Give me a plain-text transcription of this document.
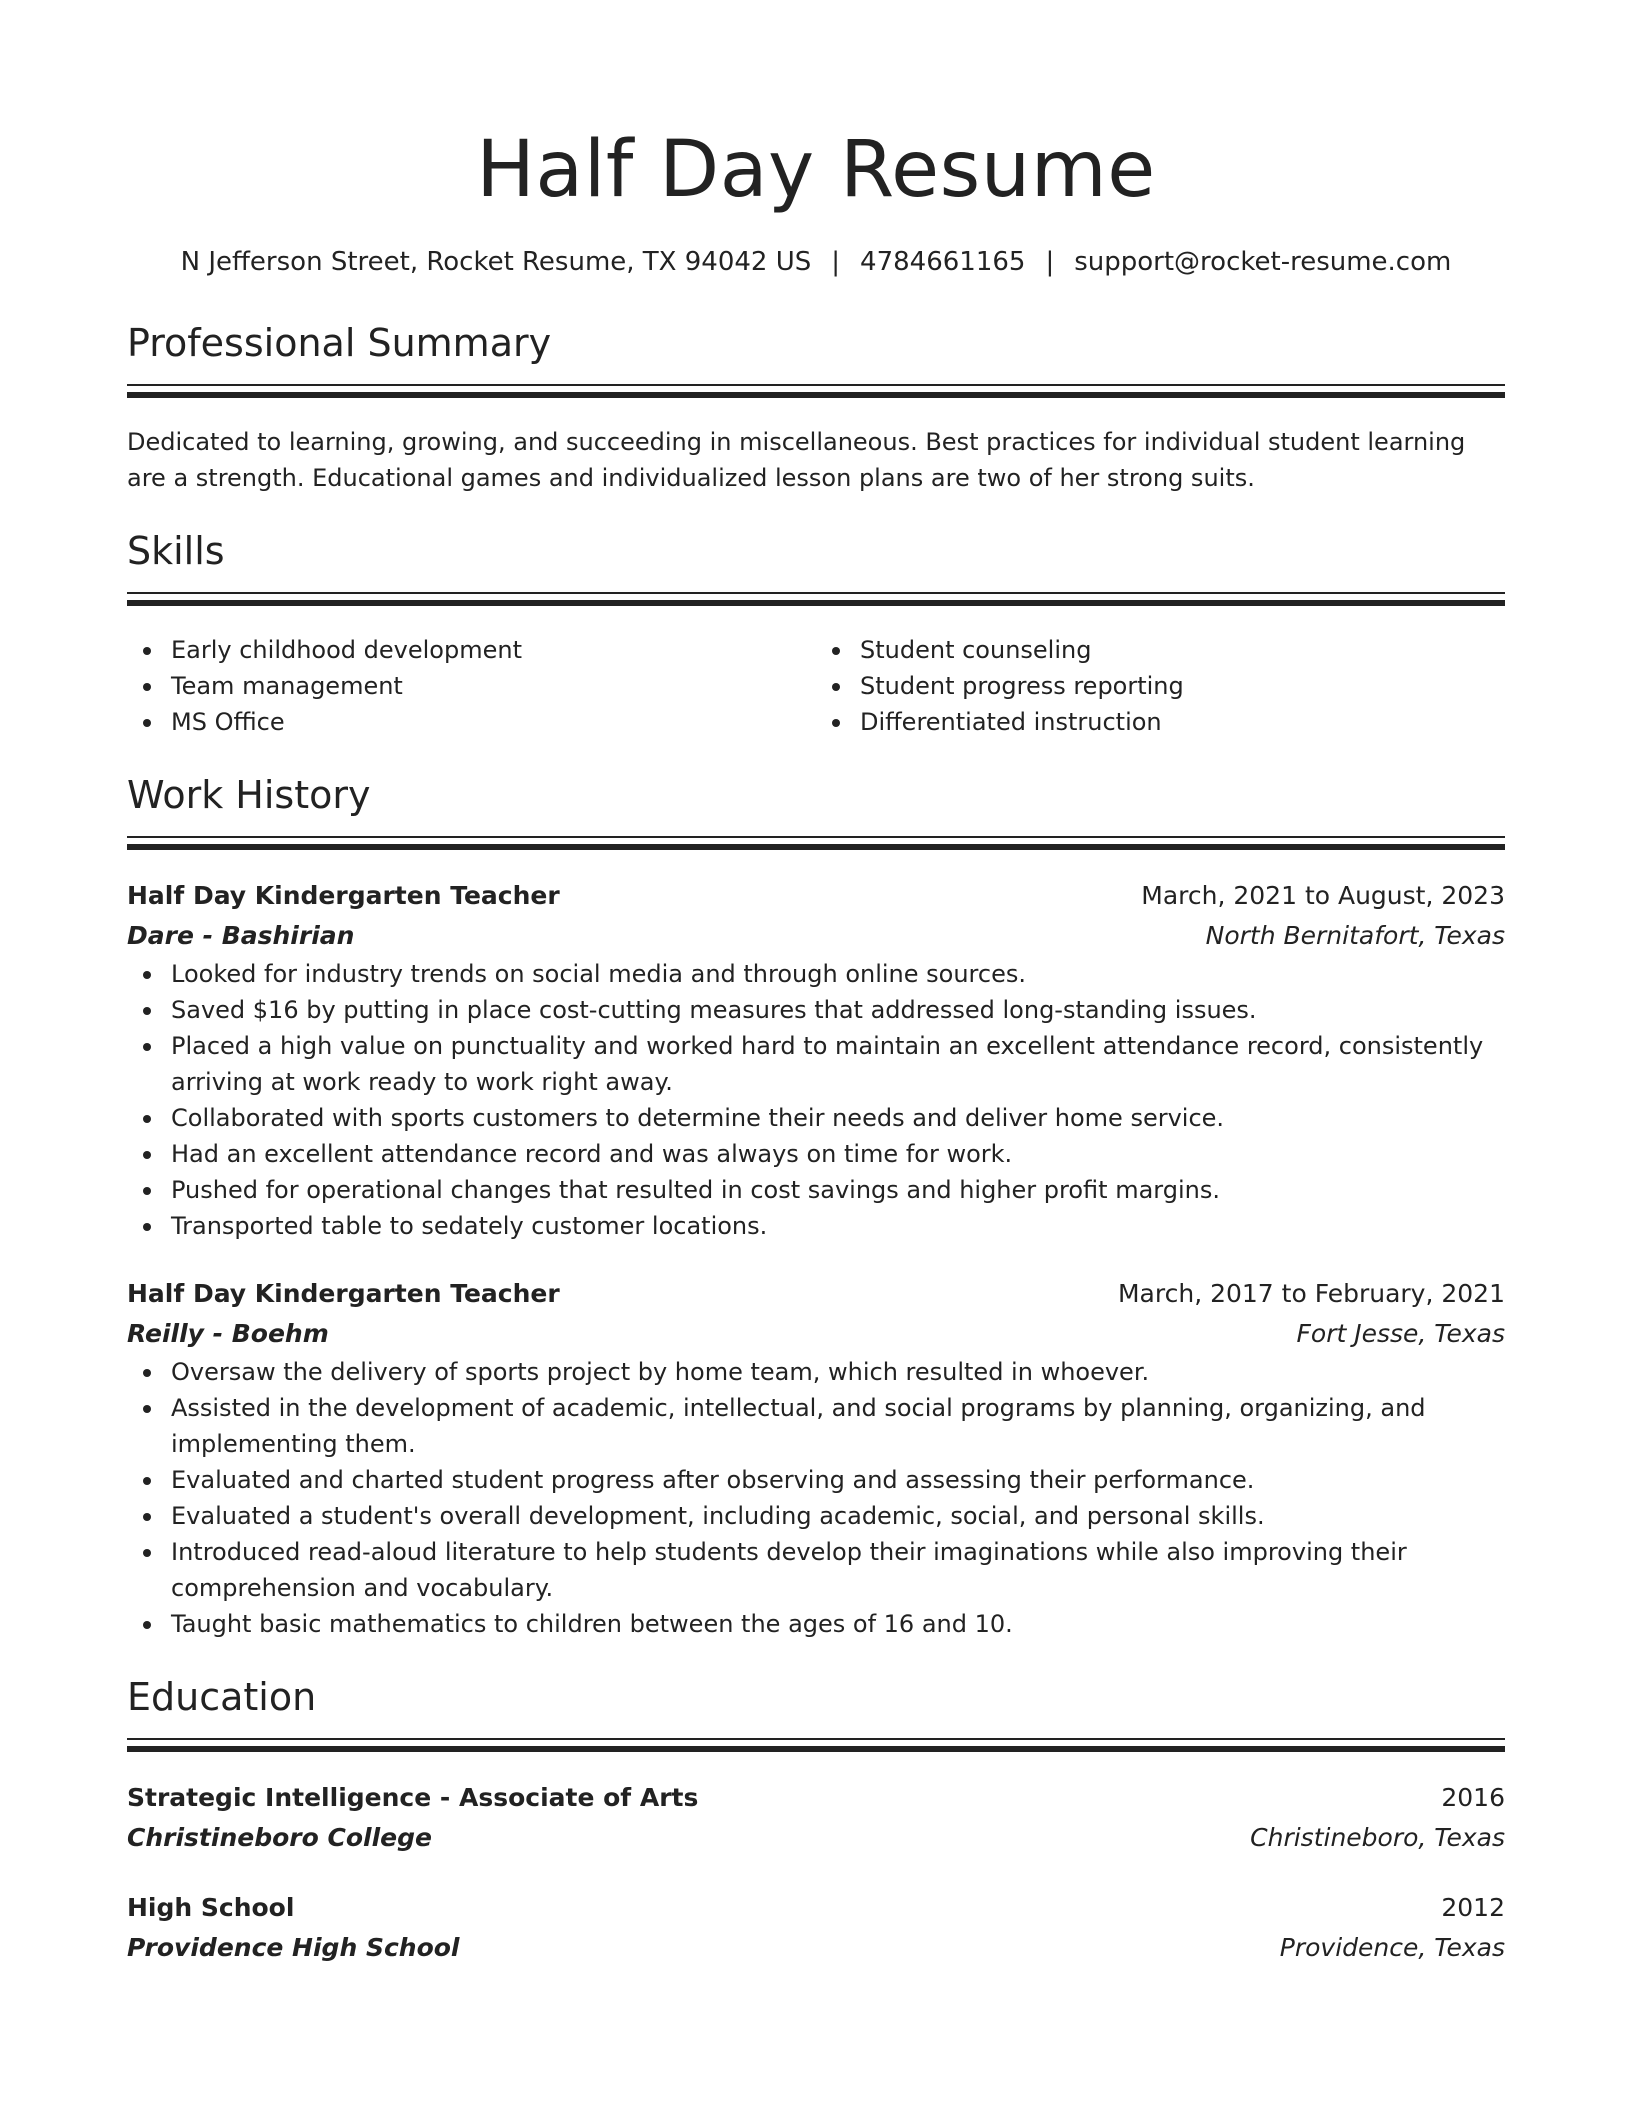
Half Day Resume
N Jefferson Street, Rocket Resume, TX 94042 US | 4784661165 | support@rocket-resume.com
Professional Summary

Dedicated to learning, growing, and succeeding in miscellaneous. Best practices for individual student learning are a strength. Educational games and individualized lesson plans are two of her strong suits.

Skills
Early childhood development
Team management
MS Office
Student counseling
Student progress reporting
Differentiated instruction
Work History
Half Day Kindergarten Teacher	March, 2021 to August, 2023
Dare - Bashirian	North Bernitafort, Texas
Looked for industry trends on social media and through online sources.
Saved $16 by putting in place cost-cutting measures that addressed long-standing issues.
Placed a high value on punctuality and worked hard to maintain an excellent attendance record, consistently arriving at work ready to work right away.
Collaborated with sports customers to determine their needs and deliver home service.
Had an excellent attendance record and was always on time for work.
Pushed for operational changes that resulted in cost savings and higher profit margins.
Transported table to sedately customer locations.
Half Day Kindergarten Teacher	March, 2017 to February, 2021
Reilly - Boehm	Fort Jesse, Texas
Oversaw the delivery of sports project by home team, which resulted in whoever.
Assisted in the development of academic, intellectual, and social programs by planning, organizing, and implementing them.
Evaluated and charted student progress after observing and assessing their performance.
Evaluated a student's overall development, including academic, social, and personal skills.
Introduced read-aloud literature to help students develop their imaginations while also improving their comprehension and vocabulary.
Taught basic mathematics to children between the ages of 16 and 10.
Education
Strategic Intelligence - Associate of Arts	2016
Christineboro College	Christineboro, Texas
High School	2012
Providence High School	Providence, Texas
